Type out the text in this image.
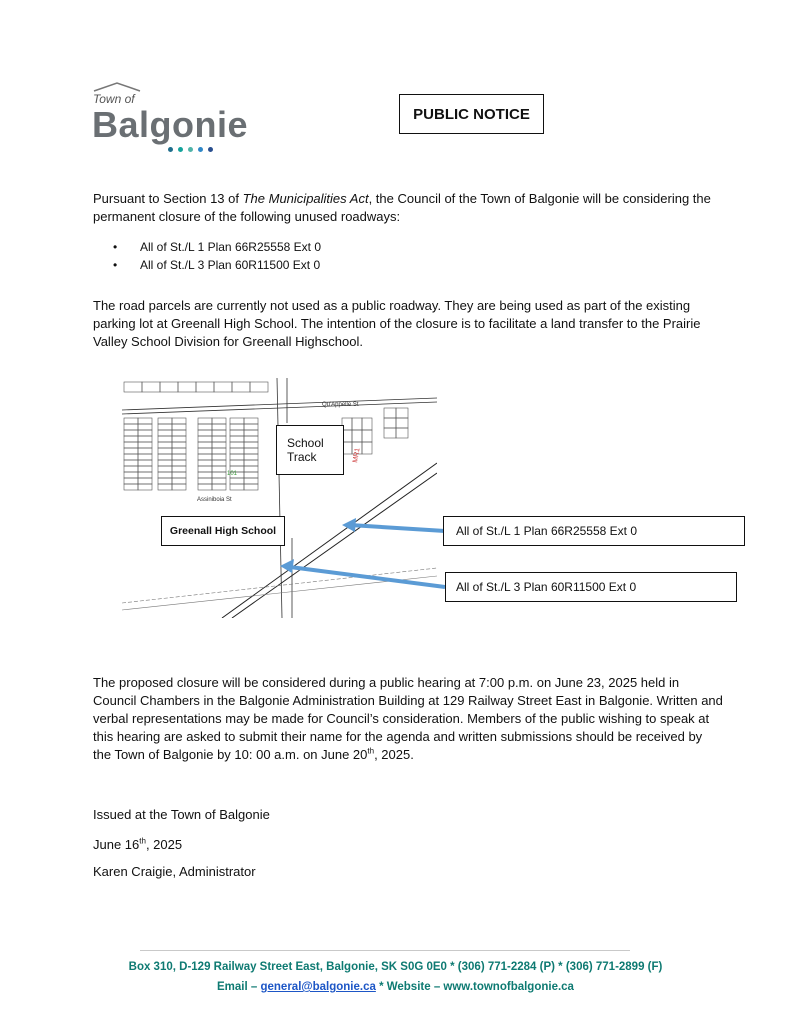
Town of
Balgonie	PUBLIC NOTICE
Pursuant to Section 13 of The Municipalities Act, the Council of the Town of Balgonie will be considering the permanent closure of the following unused roadways:
• All of St./L 1 Plan 66R25558 Ext 0
• All of St./L 3 Plan 60R11500 Ext 0
The road parcels are currently not used as a public roadway. They are being used as part of the existing parking lot at Greenall High School. The intention of the closure is to facilitate a land transfer to the Prairie Valley School Division for Greenall Highschool.
Qu'Appelle St
Assiniboia St
101
MR1
School
Track
Greenall High School	All of St./L 1 Plan 66R25558 Ext 0
All of St./L 3 Plan 60R11500 Ext 0
The proposed closure will be considered during a public hearing at 7:00 p.m. on June 23, 2025 held in Council Chambers in the Balgonie Administration Building at 129 Railway Street East in Balgonie. Written and verbal representations may be made for Council’s consideration. Members of the public wishing to speak at this hearing are asked to submit their name for the agenda and written submissions should be received by the Town of Balgonie by 10: 00 a.m. on June 20th, 2025.
Issued at the Town of Balgonie
June 16th, 2025
Karen Craigie, Administrator
Box 310, D-129 Railway Street East, Balgonie, SK S0G 0E0 * (306) 771-2284 (P) * (306) 771-2899 (F)
Email – general@balgonie.ca * Website – www.townofbalgonie.ca
